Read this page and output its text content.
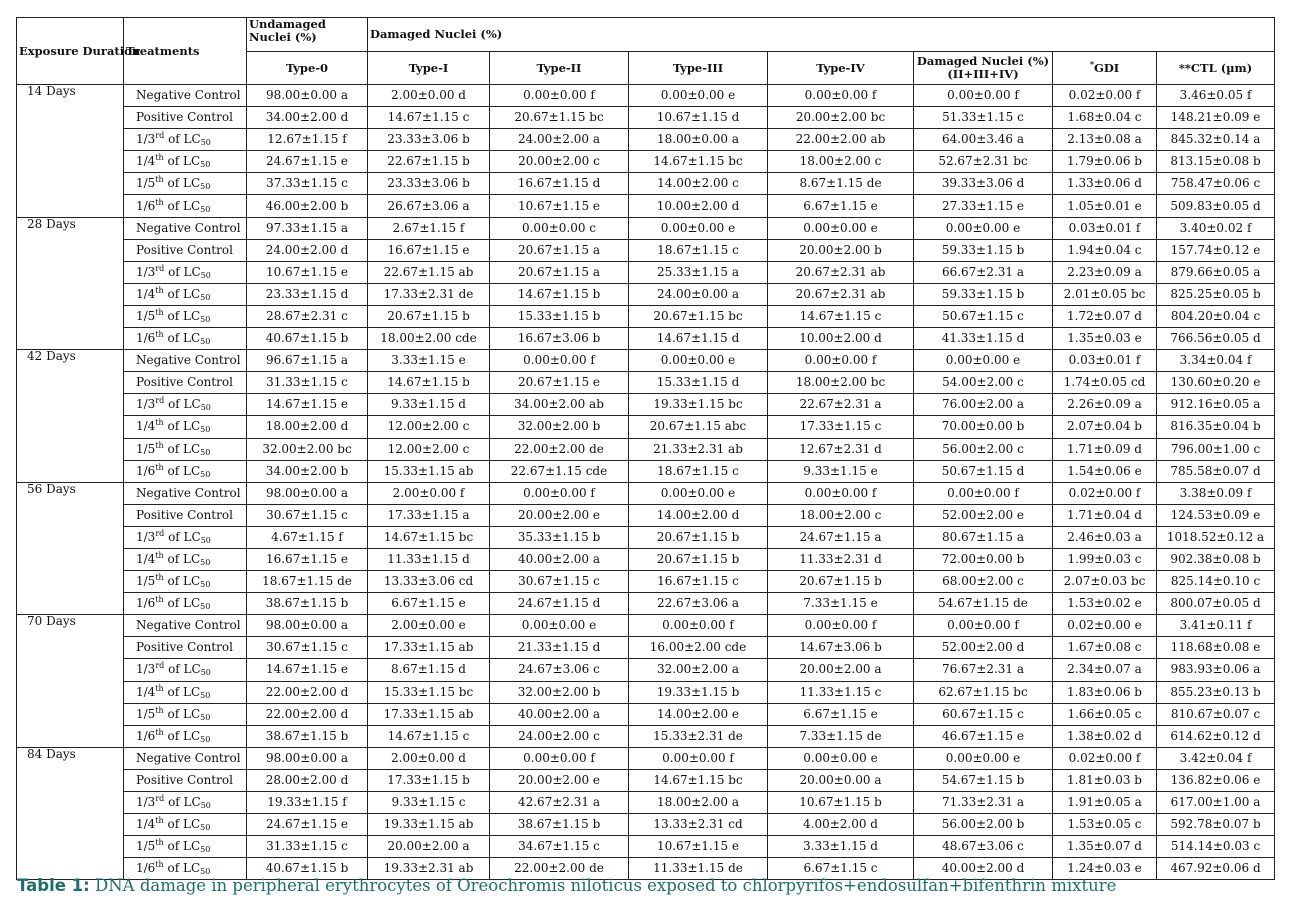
Exposure Duration	Treatments	Undamaged Nuclei (%)	Damaged Nuclei (%)						
		Type-0	Type-I	Type-II	Type-III	Type-IV	Damaged Nuclei (%) (II+III+IV)	*GDI	**CTL (µm)
14 Days	Negative Control	98.00±0.00 a	2.00±0.00 d	0.00±0.00 f	0.00±0.00 e	0.00±0.00 f	0.00±0.00 f	0.02±0.00 f	3.46±0.05 f
	Positive Control	34.00±2.00 d	14.67±1.15 c	20.67±1.15 bc	10.67±1.15 d	20.00±2.00 bc	51.33±1.15 c	1.68±0.04 c	148.21±0.09 e
	1/3rd of $LC_{50}$	12.67±1.15 f	23.33±3.06 b	24.00±2.00 a	18.00±0.00 a	22.00±2.00 ab	64.00±3.46 a	2.13±0.08 a	845.32±0.14 a
	1/4th of $LC_{50}$	24.67±1.15 e	22.67±1.15 b	20.00±2.00 c	14.67±1.15 bc	18.00±2.00 c	52.67±2.31 bc	1.79±0.06 b	813.15±0.08 b
	1/5th of $LC_{50}$	37.33±1.15 c	23.33±3.06 b	16.67±1.15 d	14.00±2.00 c	8.67±1.15 de	39.33±3.06 d	1.33±0.06 d	758.47±0.06 c
	1/6th of $LC_{50}$	46.00±2.00 b	26.67±3.06 a	10.67±1.15 e	10.00±2.00 d	6.67±1.15 e	27.33±1.15 e	1.05±0.01 e	509.83±0.05 d
28 Days	Negative Control	97.33±1.15 a	2.67±1.15 f	0.00±0.00 c	0.00±0.00 e	0.00±0.00 e	0.00±0.00 e	0.03±0.01 f	3.40±0.02 f
	Positive Control	24.00±2.00 d	16.67±1.15 e	20.67±1.15 a	18.67±1.15 c	20.00±2.00 b	59.33±1.15 b	1.94±0.04 c	157.74±0.12 e
	1/3rd of $LC_{50}$	10.67±1.15 e	22.67±1.15 ab	20.67±1.15 a	25.33±1.15 a	20.67±2.31 ab	66.67±2.31 a	2.23±0.09 a	879.66±0.05 a
	1/4th of $LC_{50}$	23.33±1.15 d	17.33±2.31 de	14.67±1.15 b	24.00±0.00 a	20.67±2.31 ab	59.33±1.15 b	2.01±0.05 bc	825.25±0.05 b
	1/5th of $LC_{50}$	28.67±2.31 c	20.67±1.15 b	15.33±1.15 b	20.67±1.15 bc	14.67±1.15 c	50.67±1.15 c	1.72±0.07 d	804.20±0.04 c
	1/6th of $LC_{50}$	40.67±1.15 b	18.00±2.00 cde	16.67±3.06 b	14.67±1.15 d	10.00±2.00 d	41.33±1.15 d	1.35±0.03 e	766.56±0.05 d
42 Days	Negative Control	96.67±1.15 a	3.33±1.15 e	0.00±0.00 f	0.00±0.00 e	0.00±0.00 f	0.00±0.00 e	0.03±0.01 f	3.34±0.04 f
	Positive Control	31.33±1.15 c	14.67±1.15 b	20.67±1.15 e	15.33±1.15 d	18.00±2.00 bc	54.00±2.00 c	1.74±0.05 cd	130.60±0.20 e
	1/3rd of $LC_{50}$	14.67±1.15 e	9.33±1.15 d	34.00±2.00 ab	19.33±1.15 bc	22.67±2.31 a	76.00±2.00 a	2.26±0.09 a	912.16±0.05 a
	1/4th of $LC_{50}$	18.00±2.00 d	12.00±2.00 c	32.00±2.00 b	20.67±1.15 abc	17.33±1.15 c	70.00±0.00 b	2.07±0.04 b	816.35±0.04 b
	1/5th of $LC_{50}$	32.00±2.00 bc	12.00±2.00 c	22.00±2.00 de	21.33±2.31 ab	12.67±2.31 d	56.00±2.00 c	1.71±0.09 d	796.00±1.00 c
	1/6th of $LC_{50}$	34.00±2.00 b	15.33±1.15 ab	22.67±1.15 cde	18.67±1.15 c	9.33±1.15 e	50.67±1.15 d	1.54±0.06 e	785.58±0.07 d
56 Days	Negative Control	98.00±0.00 a	2.00±0.00 f	0.00±0.00 f	0.00±0.00 e	0.00±0.00 f	0.00±0.00 f	0.02±0.00 f	3.38±0.09 f
	Positive Control	30.67±1.15 c	17.33±1.15 a	20.00±2.00 e	14.00±2.00 d	18.00±2.00 c	52.00±2.00 e	1.71±0.04 d	124.53±0.09 e
	1/3rd of $LC_{50}$	4.67±1.15 f	14.67±1.15 bc	35.33±1.15 b	20.67±1.15 b	24.67±1.15 a	80.67±1.15 a	2.46±0.03 a	1018.52±0.12 a
	1/4th of $LC_{50}$	16.67±1.15 e	11.33±1.15 d	40.00±2.00 a	20.67±1.15 b	11.33±2.31 d	72.00±0.00 b	1.99±0.03 c	902.38±0.08 b
	1/5th of $LC_{50}$	18.67±1.15 de	13.33±3.06 cd	30.67±1.15 c	16.67±1.15 c	20.67±1.15 b	68.00±2.00 c	2.07±0.03 bc	825.14±0.10 c
	1/6th of $LC_{50}$	38.67±1.15 b	6.67±1.15 e	24.67±1.15 d	22.67±3.06 a	7.33±1.15 e	54.67±1.15 de	1.53±0.02 e	800.07±0.05 d
70 Days	Negative Control	98.00±0.00 a	2.00±0.00 e	0.00±0.00 e	0.00±0.00 f	0.00±0.00 f	0.00±0.00 f	0.02±0.00 e	3.41±0.11 f
	Positive Control	30.67±1.15 c	17.33±1.15 ab	21.33±1.15 d	16.00±2.00 cde	14.67±3.06 b	52.00±2.00 d	1.67±0.08 c	118.68±0.08 e
	1/3rd of $LC_{50}$	14.67±1.15 e	8.67±1.15 d	24.67±3.06 c	32.00±2.00 a	20.00±2.00 a	76.67±2.31 a	2.34±0.07 a	983.93±0.06 a
	1/4th of $LC_{50}$	22.00±2.00 d	15.33±1.15 bc	32.00±2.00 b	19.33±1.15 b	11.33±1.15 c	62.67±1.15 bc	1.83±0.06 b	855.23±0.13 b
	1/5th of $LC_{50}$	22.00±2.00 d	17.33±1.15 ab	40.00±2.00 a	14.00±2.00 e	6.67±1.15 e	60.67±1.15 c	1.66±0.05 c	810.67±0.07 c
	1/6th of $LC_{50}$	38.67±1.15 b	14.67±1.15 c	24.00±2.00 c	15.33±2.31 de	7.33±1.15 de	46.67±1.15 e	1.38±0.02 d	614.62±0.12 d
84 Days	Negative Control	98.00±0.00 a	2.00±0.00 d	0.00±0.00 f	0.00±0.00 f	0.00±0.00 e	0.00±0.00 e	0.02±0.00 f	3.42±0.04 f
	Positive Control	28.00±2.00 d	17.33±1.15 b	20.00±2.00 e	14.67±1.15 bc	20.00±0.00 a	54.67±1.15 b	1.81±0.03 b	136.82±0.06 e
	1/3rd of $LC_{50}$	19.33±1.15 f	9.33±1.15 c	42.67±2.31 a	18.00±2.00 a	10.67±1.15 b	71.33±2.31 a	1.91±0.05 a	617.00±1.00 a
	1/4th of $LC_{50}$	24.67±1.15 e	19.33±1.15 ab	38.67±1.15 b	13.33±2.31 cd	4.00±2.00 d	56.00±2.00 b	1.53±0.05 c	592.78±0.07 b
	1/5th of $LC_{50}$	31.33±1.15 c	20.00±2.00 a	34.67±1.15 c	10.67±1.15 e	3.33±1.15 d	48.67±3.06 c	1.35±0.07 d	514.14±0.03 c
	1/6th of $LC_{50}$	40.67±1.15 b	19.33±2.31 ab	22.00±2.00 de	11.33±1.15 de	6.67±1.15 c	40.00±2.00 d	1.24±0.03 e	467.92±0.06 d
Table 1: DNA damage in peripheral erythrocytes of Oreochromis niloticus exposed to chlorpyrifos+endosulfan+bifenthrin mixture
